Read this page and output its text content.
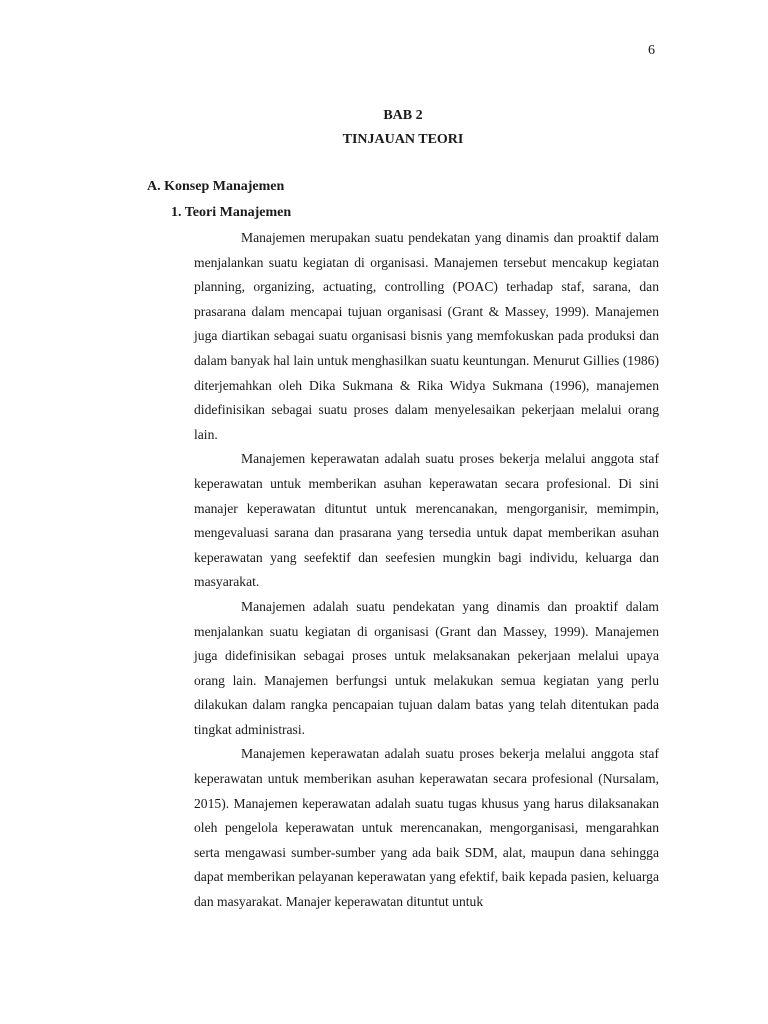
6
BAB 2
TINJAUAN TEORI
A. Konsep Manajemen
1. Teori Manajemen

Manajemen merupakan suatu pendekatan yang dinamis dan proaktif dalam menjalankan suatu kegiatan di organisasi. Manajemen tersebut mencakup kegiatan planning, organizing, actuating, controlling (POAC) terhadap staf, sarana, dan prasarana dalam mencapai tujuan organisasi (Grant & Massey, 1999). Manajemen juga diartikan sebagai suatu organisasi bisnis yang memfokuskan pada produksi dan dalam banyak hal lain untuk menghasilkan suatu keuntungan. Menurut Gillies (1986) diterjemahkan oleh Dika Sukmana & Rika Widya Sukmana (1996), manajemen didefinisikan sebagai suatu proses dalam menyelesaikan pekerjaan melalui orang lain.

Manajemen keperawatan adalah suatu proses bekerja melalui anggota staf keperawatan untuk memberikan asuhan keperawatan secara profesional. Di sini manajer keperawatan dituntut untuk merencanakan, mengorganisir, memimpin, mengevaluasi sarana dan prasarana yang tersedia untuk dapat memberikan asuhan keperawatan yang seefektif dan seefesien mungkin bagi individu, keluarga dan masyarakat.

Manajemen adalah suatu pendekatan yang dinamis dan proaktif dalam menjalankan suatu kegiatan di organisasi (Grant dan Massey, 1999). Manajemen juga didefinisikan sebagai proses untuk melaksanakan pekerjaan melalui upaya orang lain. Manajemen berfungsi untuk melakukan semua kegiatan yang perlu dilakukan dalam rangka pencapaian tujuan dalam batas yang telah ditentukan pada tingkat administrasi.

Manajemen keperawatan adalah suatu proses bekerja melalui anggota staf keperawatan untuk memberikan asuhan keperawatan secara profesional (Nursalam, 2015). Manajemen keperawatan adalah suatu tugas khusus yang harus dilaksanakan oleh pengelola keperawatan untuk merencanakan, mengorganisasi, mengarahkan serta mengawasi sumber-sumber yang ada baik SDM, alat, maupun dana sehingga dapat memberikan pelayanan keperawatan yang efektif, baik kepada pasien, keluarga dan masyarakat. Manajer keperawatan dituntut untuk
